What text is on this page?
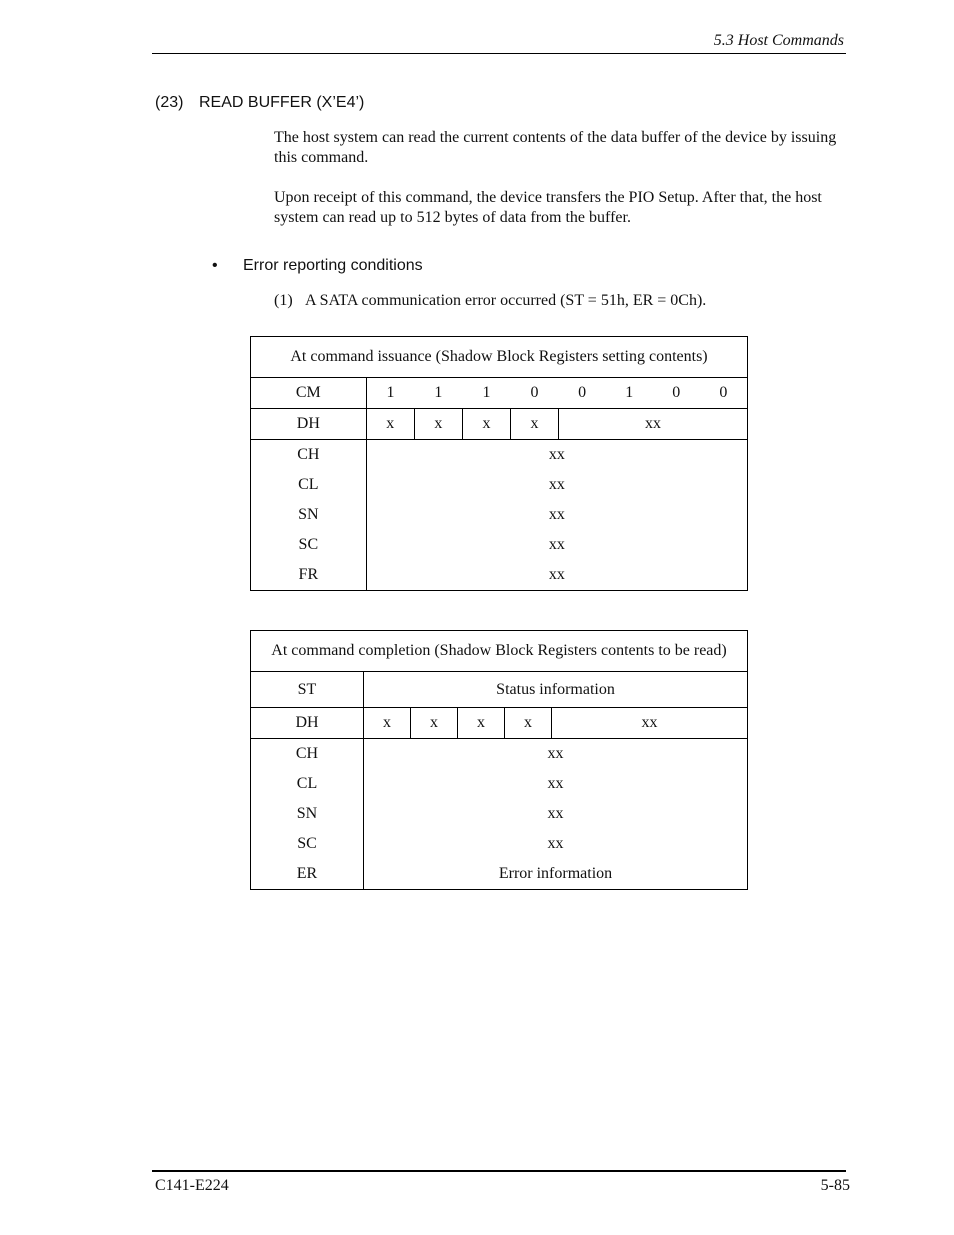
5.3 Host Commands
(23) READ BUFFER (X’E4’)
The host system can read the current contents of the data buffer of the device by issuing this command.
Upon receipt of this command, the device transfers the PIO Setup. After that, the host system can read up to 512 bytes of data from the buffer.
• Error reporting conditions
(1) A SATA communication error occurred (ST = 51h, ER = 0Ch).
At command issuance (Shadow Block Registers setting contents)								
CM	1	1	1	0	0	1	0	0
DH	x	x	x	x	xx			
CH	xx							
CL	xx							
SN	xx							
SC	xx							
FR	xx							
At command completion (Shadow Block Registers contents to be read)					
ST	Status information				
DH	x	x	x	x	xx
CH	xx				
CL	xx				
SN	xx				
SC	xx				
ER	Error information				
C141-E224	5-85
